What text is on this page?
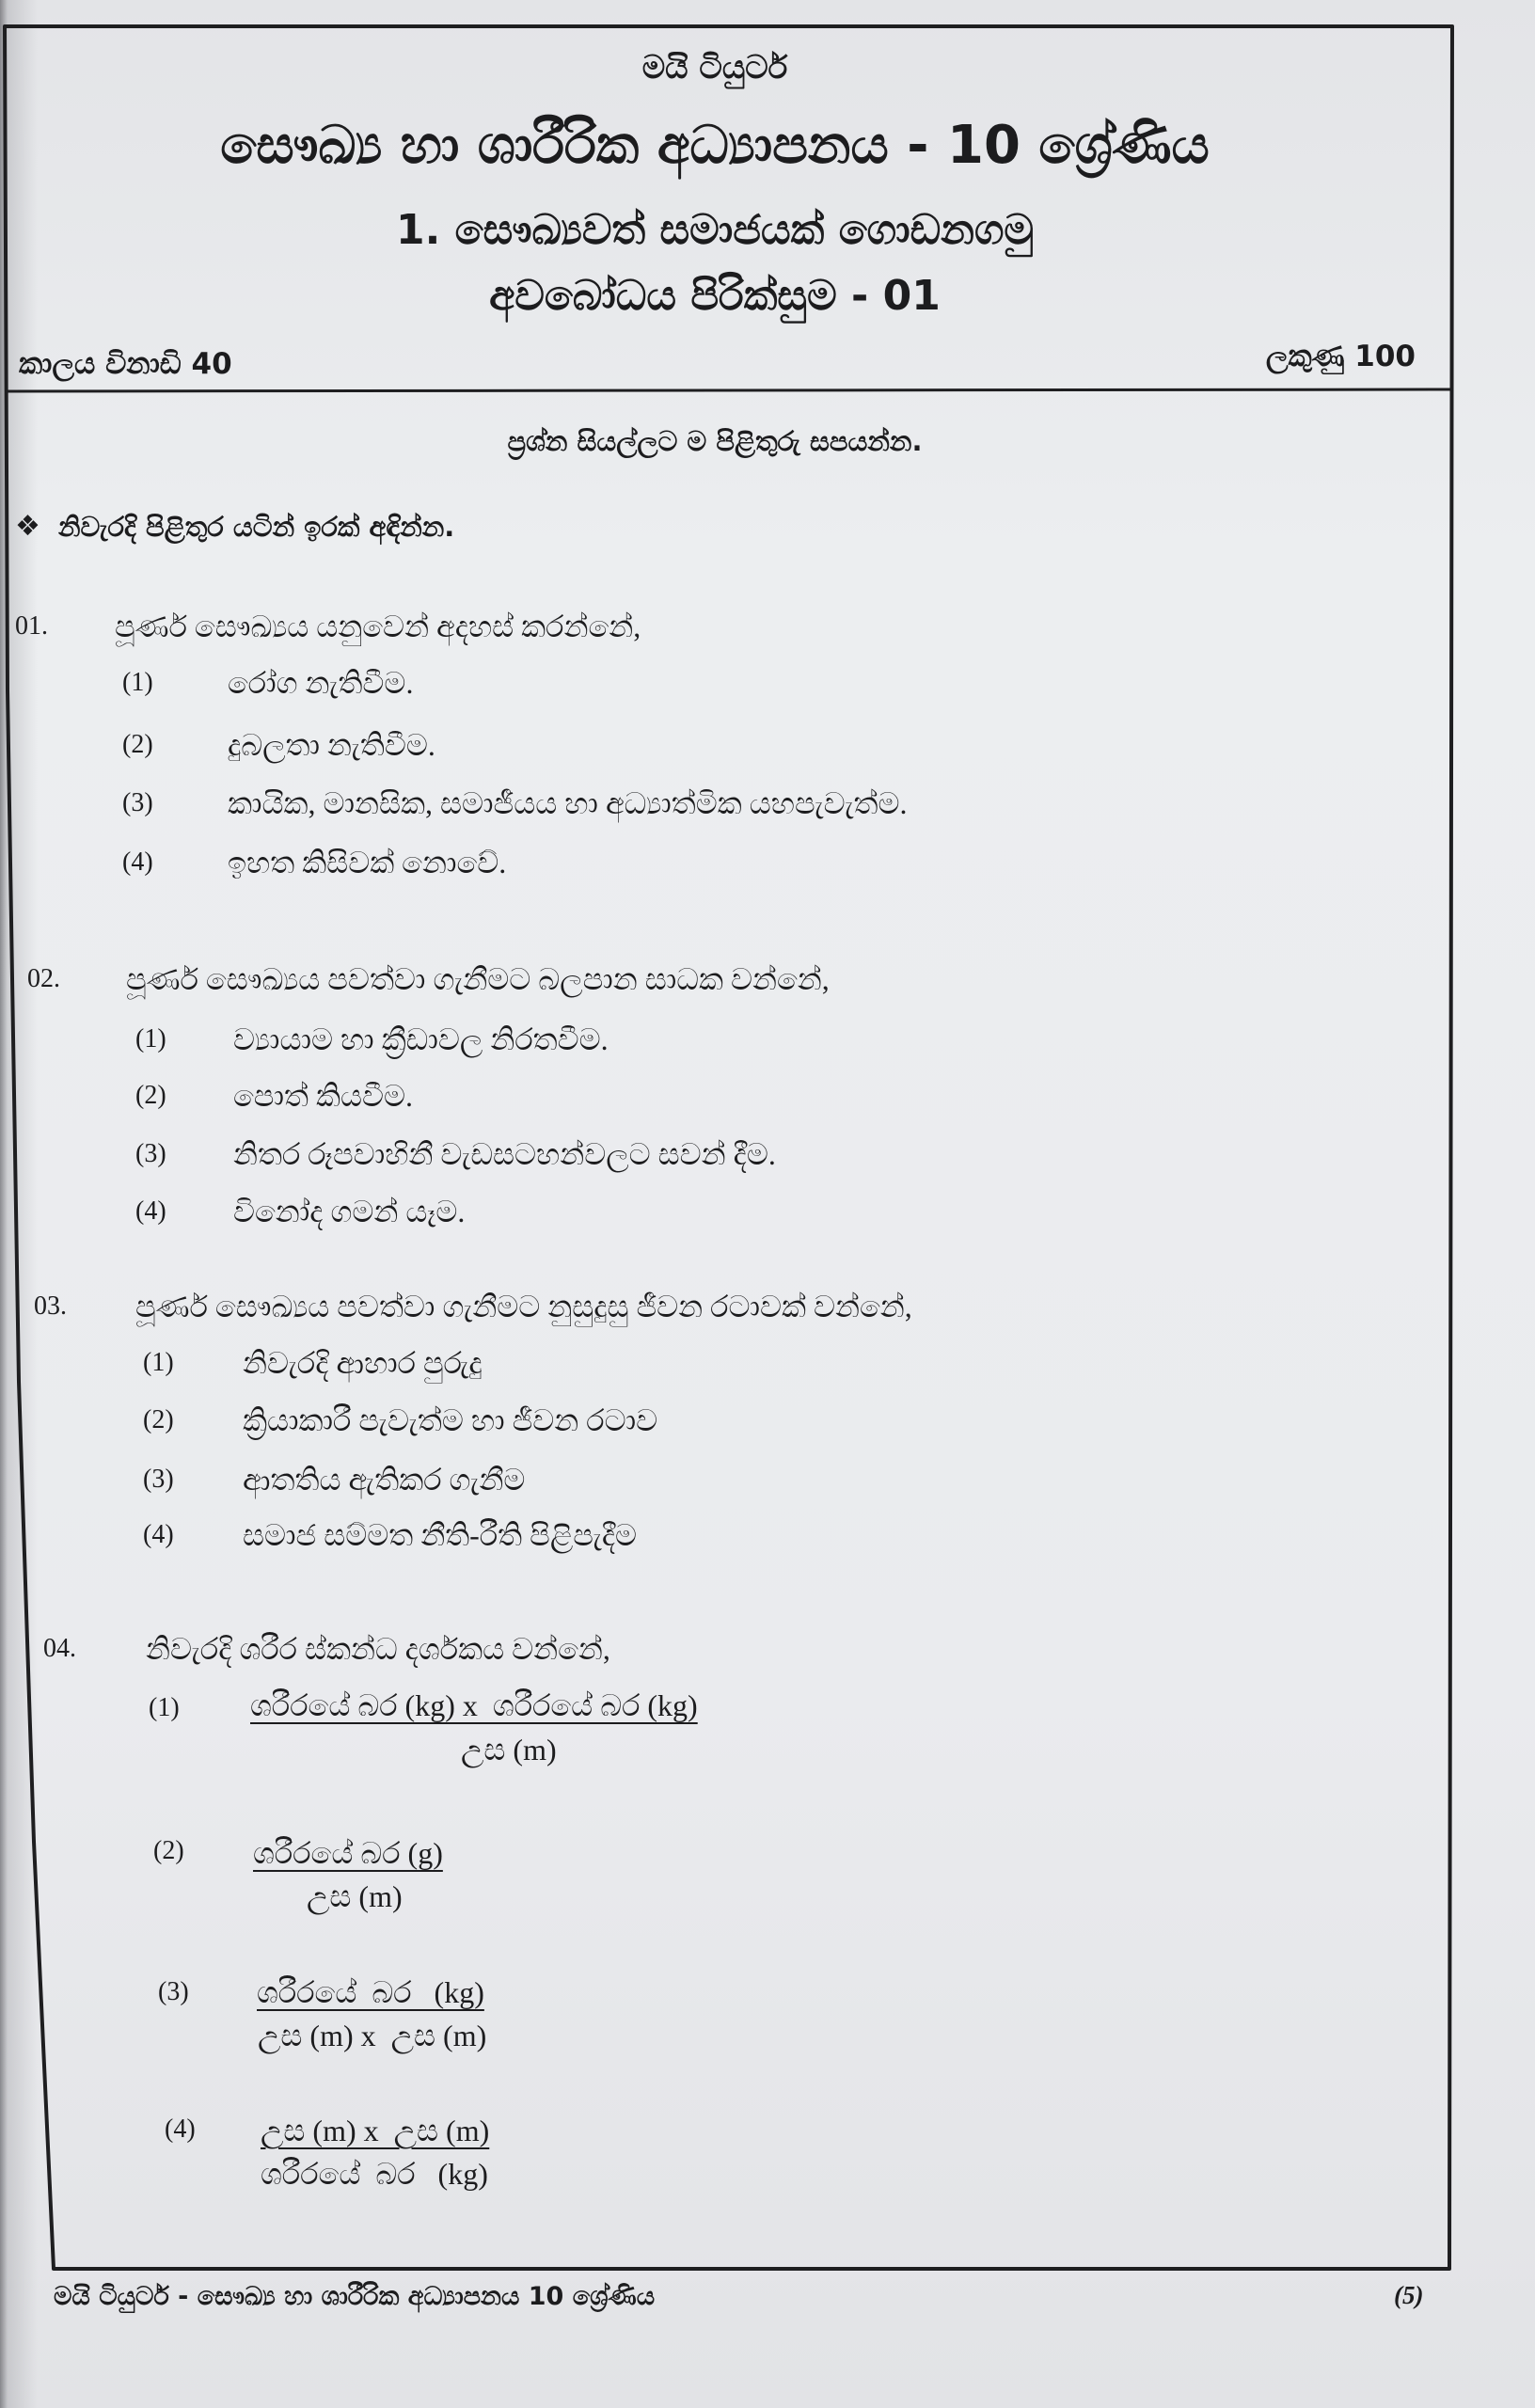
මයි ටියුටර්
සෞඛ්‍ය හා ශාරීරික අධ්‍යාපනය - 10 ශ්‍රේණිය
1. සෞඛ්‍යවත් සමාජයක් ගොඩනගමු
අවබෝධය පිරික්සුම - 01
කාලය විනාඩි 40	ලකුණු 100
ප්‍රශ්න සියල්ලට ම පිළිතුරු සපයන්න.
❖ නිවැරදි පිළිතුර යටින් ඉරක් අඳින්න.
01. පූර්ණ සෞඛ්‍යය යනුවෙන් අදහස් කරන්නේ,
(1) රෝග නැතිවීම.
(2) දුබලතා නැතිවීම.
(3) කායික, මානසික, සමාජීයය හා අධ්‍යාත්මික යහපැවැත්ම.
(4) ඉහත කිසිවක් නොවේ.
02. පූර්ණ සෞඛ්‍යය පවත්වා ගැනීමට බලපාන සාධක වන්නේ,
(1) ව්‍යායාම හා ක්‍රීඩාවල නිරතවීම.
(2) පොත් කියවීම.
(3) නිතර රූපවාහිනී වැඩසටහන්වලට සවන් දීම.
(4) විනෝද ගමන් යෑම.
03. පූර්ණ සෞඛ්‍යය පවත්වා ගැනීමට නුසුදුසු ජීවන රටාවක් වන්නේ,
(1) නිවැරදි ආහාර පුරුදු
(2) ක්‍රියාකාරී පැවැත්ම හා ජීවන රටාව
(3) ආතතිය ඇතිකර ගැනීම
(4) සමාජ සම්මත නීති-රීති පිළිපැදීම
04. නිවැරදි ශරීර ස්කන්ධ දර්ශකය වන්නේ,
(1) ශරීරයේ බර (kg) x  ශරීරයේ බර (kg)
උස (m)
(2) ශරීරයේ බර (g)
උස (m)
(3) ශරීරයේ  බර   (kg)
උස (m) x  උස (m)
(4) උස (m) x  උස (m)
ශරීරයේ  බර   (kg)
මයි ටියුටර් - සෞඛ්‍ය හා ශාරීරික අධ්‍යාපනය 10 ශ්‍රේණිය	(5)
